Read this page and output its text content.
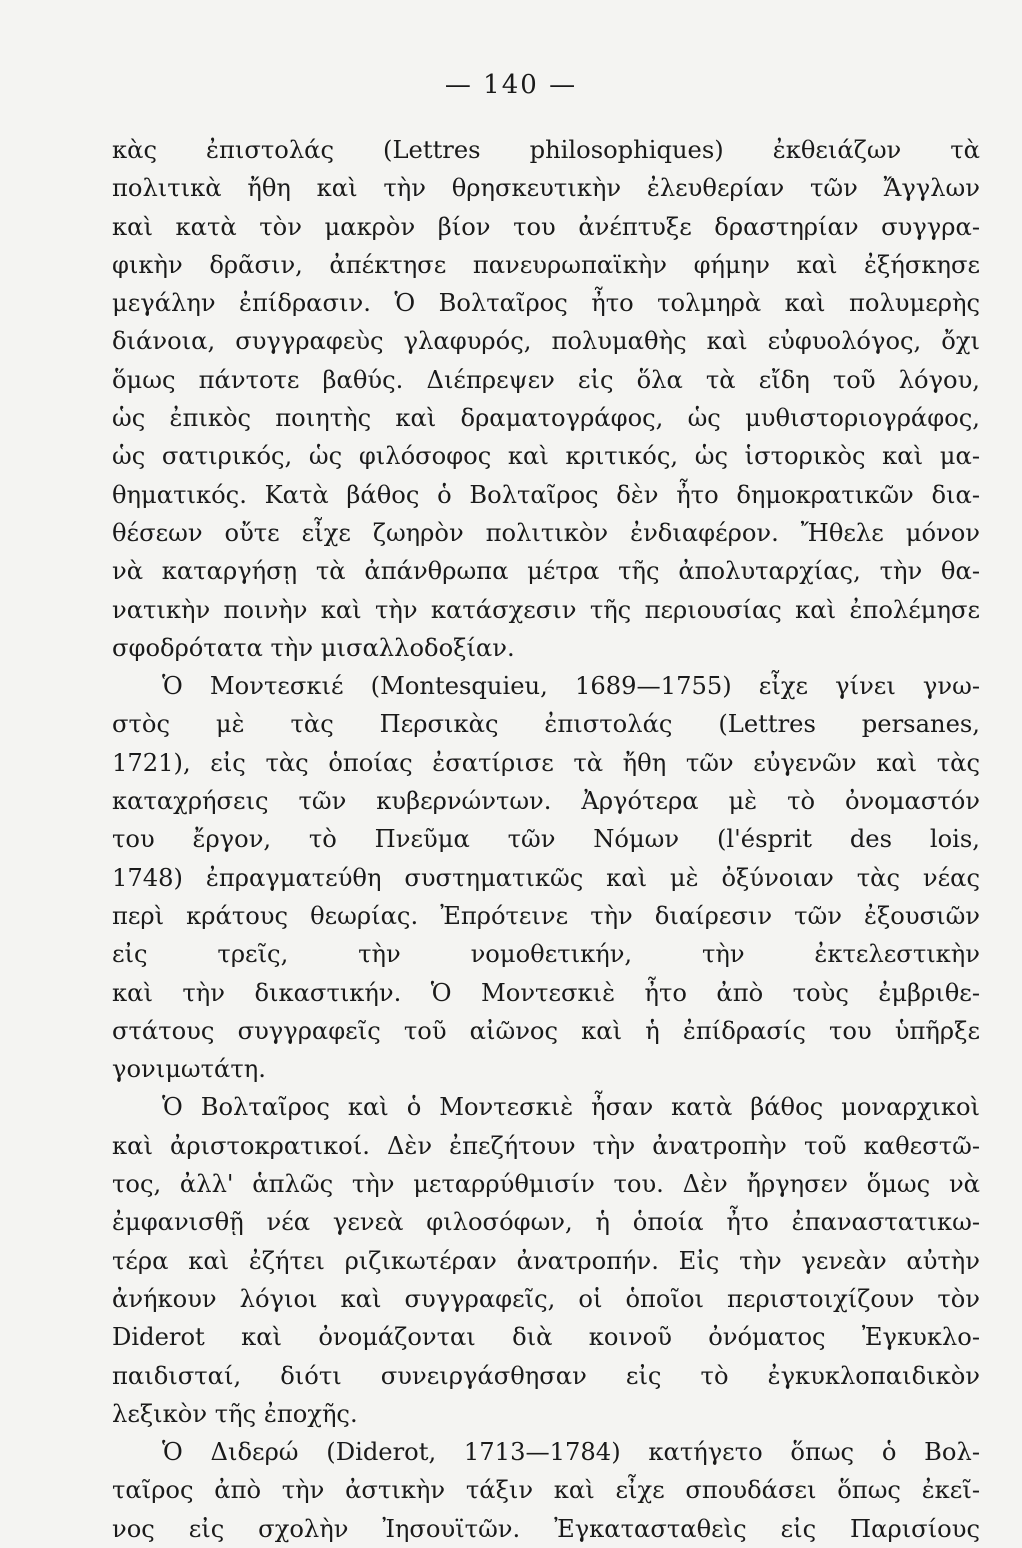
— 140 —
κὰς ἐπιστολάς (Lettres philosophiques) ἐκθειάζων τὰ
πολιτικὰ ἤθη καὶ τὴν θρησκευτικὴν ἐλευθερίαν τῶν Ἄγγλων
καὶ κατὰ τὸν μακρὸν βίον του ἀνέπτυξε δραστηρίαν συγγρα-
φικὴν δρᾶσιν, ἀπέκτησε πανευρωπαϊκὴν φήμην καὶ ἐξήσκησε
μεγάλην ἐπίδρασιν. Ὁ Βολταῖρος ἦτο τολμηρὰ καὶ πολυμερὴς
διάνοια, συγγραφεὺς γλαφυρός, πολυμαθὴς καὶ εὐφυολόγος, ὄχι
ὅμως πάντοτε βαθύς. Διέπρεψεν εἰς ὅλα τὰ εἴδη τοῦ λόγου,
ὡς ἐπικὸς ποιητὴς καὶ δραματογράφος, ὡς μυθιστοριογράφος,
ὡς σατιρικός, ὡς φιλόσοφος καὶ κριτικός, ὡς ἱστορικὸς καὶ μα-
θηματικός. Κατὰ βάθος ὁ Βολταῖρος δὲν ἦτο δημοκρατικῶν δια-
θέσεων οὔτε εἶχε ζωηρὸν πολιτικὸν ἐνδιαφέρον. Ἤθελε μόνον
νὰ καταργήσῃ τὰ ἀπάνθρωπα μέτρα τῆς ἀπολυταρχίας, τὴν θα-
νατικὴν ποινὴν καὶ τὴν κατάσχεσιν τῆς περιουσίας καὶ ἐπολέμησε
σφοδρότατα τὴν μισαλλοδοξίαν.
Ὁ Μοντεσκιέ (Montesquieu, 1689—1755) εἶχε γίνει γνω-
στὸς μὲ τὰς Περσικὰς ἐπιστολάς (Lettres persanes,
1721), εἰς τὰς ὁποίας ἐσατίρισε τὰ ἤθη τῶν εὐγενῶν καὶ τὰς
καταχρήσεις τῶν κυβερνώντων. Ἀργότερα μὲ τὸ ὀνομαστόν
του ἔργον, τὸ Πνεῦμα τῶν Νόμων (l'ésprit des lois,
1748) ἐπραγματεύθη συστηματικῶς καὶ μὲ ὀξύνοιαν τὰς νέας
περὶ κράτους θεωρίας. Ἐπρότεινε τὴν διαίρεσιν τῶν ἐξουσιῶν
εἰς τρεῖς, τὴν νομοθετικήν, τὴν ἐκτελεστικὴν
καὶ τὴν δικαστικήν. Ὁ Μοντεσκιὲ ἦτο ἀπὸ τοὺς ἐμβριθε-
στάτους συγγραφεῖς τοῦ αἰῶνος καὶ ἡ ἐπίδρασίς του ὑπῆρξε
γονιμωτάτη.
Ὁ Βολταῖρος καὶ ὁ Μοντεσκιὲ ἦσαν κατὰ βάθος μοναρχικοὶ
καὶ ἀριστοκρατικοί. Δὲν ἐπεζήτουν τὴν ἀνατροπὴν τοῦ καθεστῶ-
τος, ἀλλ' ἁπλῶς τὴν μεταρρύθμισίν του. Δὲν ἤργησεν ὅμως νὰ
ἐμφανισθῇ νέα γενεὰ φιλοσόφων, ἡ ὁποία ἦτο ἐπαναστατικω-
τέρα καὶ ἐζήτει ριζικωτέραν ἀνατροπήν. Εἰς τὴν γενεὰν αὐτὴν
ἀνήκουν λόγιοι καὶ συγγραφεῖς, οἱ ὁποῖοι περιστοιχίζουν τὸν
Diderot καὶ ὀνομάζονται διὰ κοινοῦ ὀνόματος Ἐγκυκλο-
παιδισταί, διότι συνειργάσθησαν εἰς τὸ ἐγκυκλοπαιδικὸν
λεξικὸν τῆς ἐποχῆς.
Ὁ Διδερώ (Diderot, 1713—1784) κατήγετο ὅπως ὁ Βολ-
ταῖρος ἀπὸ τὴν ἀστικὴν τάξιν καὶ εἶχε σπουδάσει ὅπως ἐκεῖ-
νος εἰς σχολὴν Ἰησουϊτῶν. Ἐγκατασταθεὶς εἰς Παρισίους
